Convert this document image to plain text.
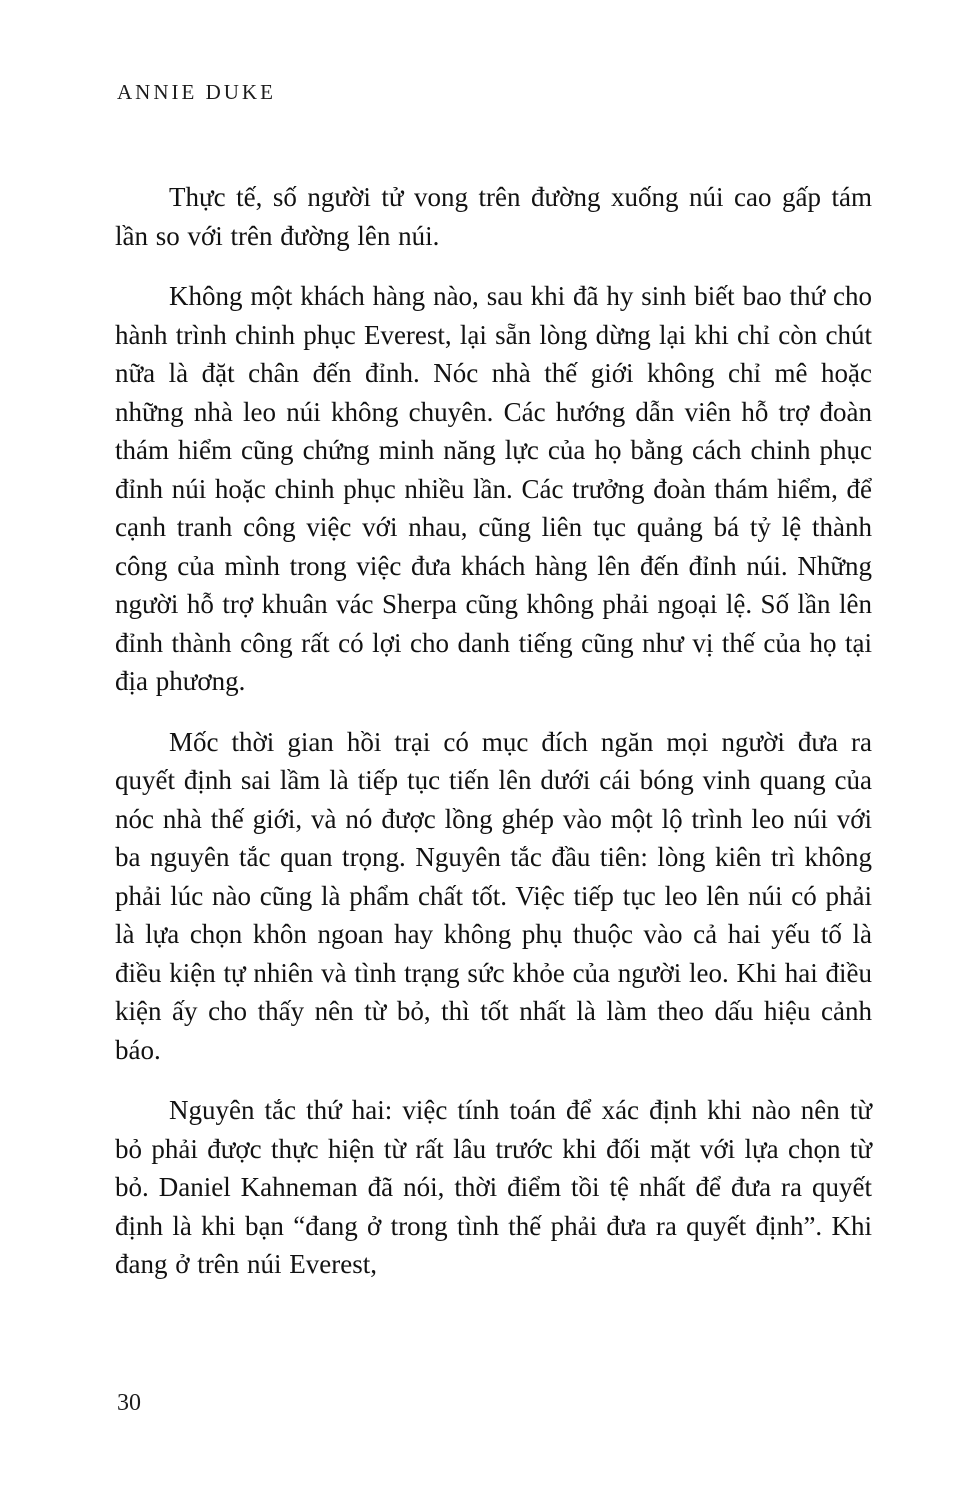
ANNIE DUKE

Thực tế, số người tử vong trên đường xuống núi cao gấp tám lần so với trên đường lên núi.

Không một khách hàng nào, sau khi đã hy sinh biết bao thứ cho hành trình chinh phục Everest, lại sẵn lòng dừng lại khi chỉ còn chút nữa là đặt chân đến đỉnh. Nóc nhà thế giới không chỉ mê hoặc những nhà leo núi không chuyên. Các hướng dẫn viên hỗ trợ đoàn thám hiểm cũng chứng minh năng lực của họ bằng cách chinh phục đỉnh núi hoặc chinh phục nhiều lần. Các trưởng đoàn thám hiểm, để cạnh tranh công việc với nhau, cũng liên tục quảng bá tỷ lệ thành công của mình trong việc đưa khách hàng lên đến đỉnh núi. Những người hỗ trợ khuân vác Sherpa cũng không phải ngoại lệ. Số lần lên đỉnh thành công rất có lợi cho danh tiếng cũng như vị thế của họ tại địa phương.

Mốc thời gian hồi trại có mục đích ngăn mọi người đưa ra quyết định sai lầm là tiếp tục tiến lên dưới cái bóng vinh quang của nóc nhà thế giới, và nó được lồng ghép vào một lộ trình leo núi với ba nguyên tắc quan trọng. Nguyên tắc đầu tiên: lòng kiên trì không phải lúc nào cũng là phẩm chất tốt. Việc tiếp tục leo lên núi có phải là lựa chọn khôn ngoan hay không phụ thuộc vào cả hai yếu tố là điều kiện tự nhiên và tình trạng sức khỏe của người leo. Khi hai điều kiện ấy cho thấy nên từ bỏ, thì tốt nhất là làm theo dấu hiệu cảnh báo.

Nguyên tắc thứ hai: việc tính toán để xác định khi nào nên từ bỏ phải được thực hiện từ rất lâu trước khi đối mặt với lựa chọn từ bỏ. Daniel Kahneman đã nói, thời điểm tồi tệ nhất để đưa ra quyết định là khi bạn “đang ở trong tình thế phải đưa ra quyết định”. Khi đang ở trên núi Everest,

30
